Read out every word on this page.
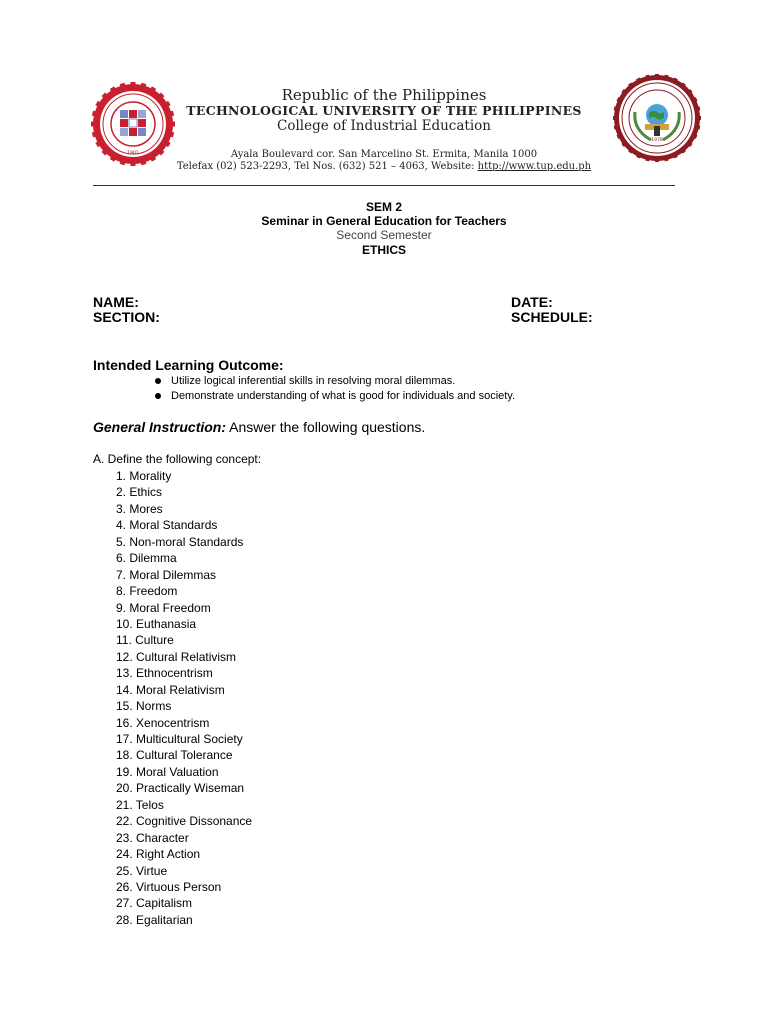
1901
1978
Republic of the Philippines
TECHNOLOGICAL UNIVERSITY OF THE PHILIPPINES
College of Industrial Education
Ayala Boulevard cor. San Marcelino St. Ermita, Manila 1000
Telefax (02) 523-2293, Tel Nos. (632) 521 – 4063, Website: http://www.tup.edu.ph
SEM 2
Seminar in General Education for Teachers
Second Semester
ETHICS
NAME:
SECTION:
DATE:
SCHEDULE:
Intended Learning Outcome:
Utilize logical inferential skills in resolving moral dilemmas.
Demonstrate understanding of what is good for individuals and society.
General Instruction: Answer the following questions.
A. Define the following concept:
1. Morality
2. Ethics
3. Mores
4. Moral Standards
5. Non-moral Standards
6. Dilemma
7. Moral Dilemmas
8. Freedom
9. Moral Freedom
10. Euthanasia
11. Culture
12. Cultural Relativism
13. Ethnocentrism
14. Moral Relativism
15. Norms
16. Xenocentrism
17. Multicultural Society
18. Cultural Tolerance
19. Moral Valuation
20. Practically Wiseman
21. Telos
22. Cognitive Dissonance
23. Character
24. Right Action
25. Virtue
26. Virtuous Person
27. Capitalism
28. Egalitarian
